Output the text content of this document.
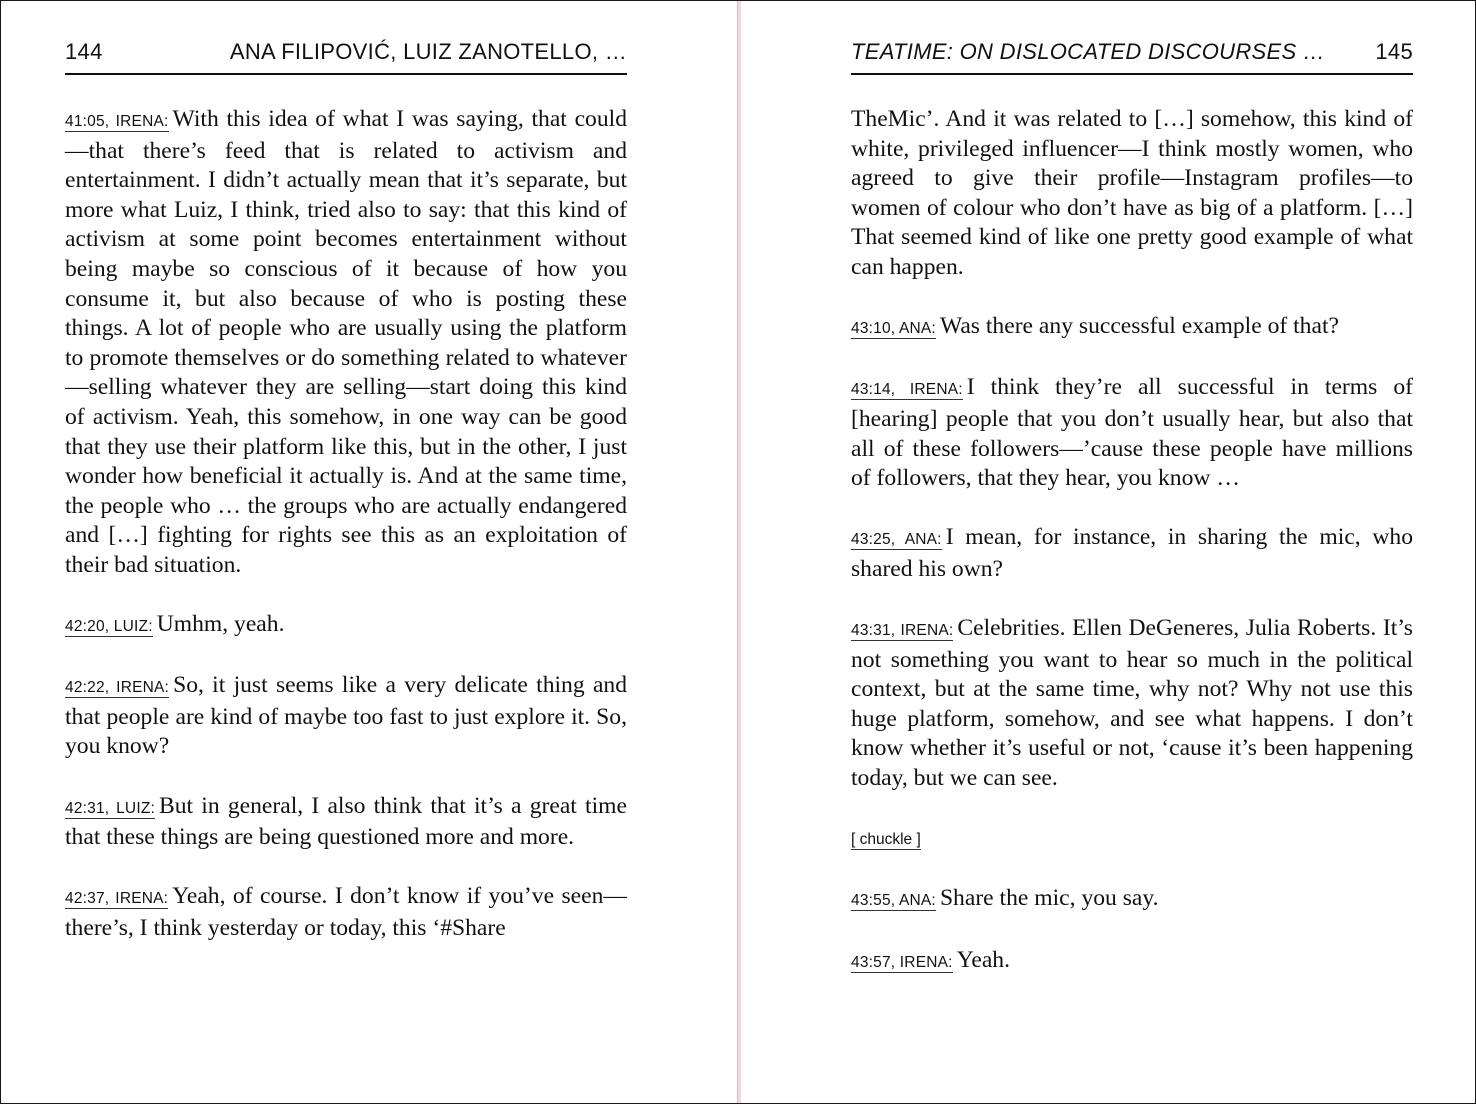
144	ANA FILIPOVIĆ, LUIZ ZANOTELLO, …

41:05, IRENA: With this idea of what I was saying, that could—that there’s feed that is related to activism and entertainment. I didn’t actually mean that it’s separate, but more what Luiz, I think, tried also to say: that this kind of activism at some point becomes entertainment without being maybe so conscious of it because of how you consume it, but also because of who is posting these things. A lot of people who are usually using the platform to promote themselves or do something related to whatever—selling whatever they are selling—start doing this kind of activism. Yeah, this somehow, in one way can be good that they use their platform like this, but in the other, I just wonder how beneficial it actually is. And at the same time, the people who … the groups who are actually endangered and […] fighting for rights see this as an exploitation of their bad situation.

42:20, LUIZ: Umhm, yeah.

42:22, IRENA: So, it just seems like a very delicate thing and that people are kind of maybe too fast to just explore it. So, you know?

42:31, LUIZ: But in general, I also think that it’s a great time that these things are being questioned more and more.

42:37, IRENA: Yeah, of course. I don’t know if you’ve seen—there’s, I think yesterday or today, this ‘#Share

TEATIME: ON DISLOCATED DISCOURSES … 145

TheMic’. And it was related to […] somehow, this kind of white, privileged influencer—I think mostly women, who agreed to give their profile—Instagram profiles—to women of colour who don’t have as big of a platform. […] That seemed kind of like one pretty good example of what can happen.

43:10, ANA: Was there any successful example of that?

43:14, IRENA: I think they’re all successful in terms of [hearing] people that you don’t usually hear, but also that all of these followers—’cause these people have millions of followers, that they hear, you know …

43:25, ANA: I mean, for instance, in sharing the mic, who shared his own?

43:31, IRENA: Celebrities. Ellen DeGeneres, Julia Roberts. It’s not something you want to hear so much in the political context, but at the same time, why not? Why not use this huge platform, somehow, and see what happens. I don’t know whether it’s useful or not, ‘cause it’s been happening today, but we can see.

[ chuckle ]

43:55, ANA: Share the mic, you say.

43:57, IRENA: Yeah.
